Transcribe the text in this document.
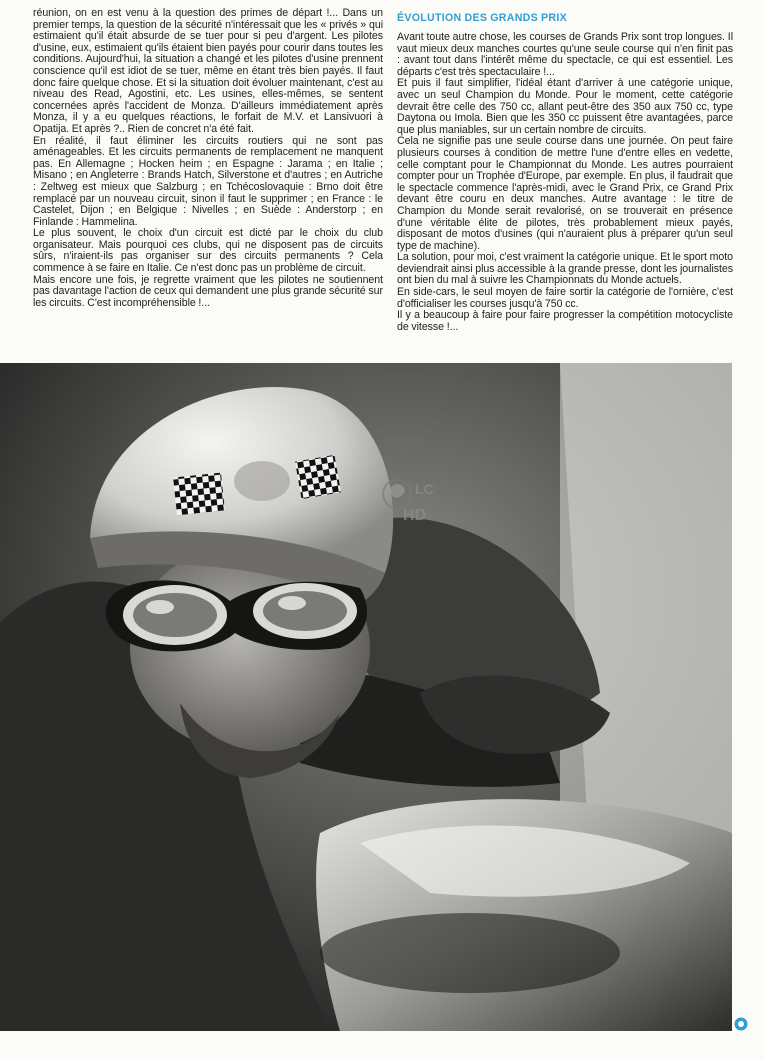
réunion, on en est venu à la question des primes de départ !... Dans un premier temps, la question de la sécurité n'intéressait que les « privés » qui estimaient qu'il était absurde de se tuer pour si peu d'argent. Les pilotes d'usine, eux, estimaient qu'ils étaient bien payés pour courir dans toutes les conditions. Aujourd'hui, la situation a changé et les pilotes d'usine prennent conscience qu'il est idiot de se tuer, même en étant très bien payés. Il faut donc faire quelque chose. Et si la situation doit évoluer maintenant, c'est au niveau des Read, Agostini, etc. Les usines, elles-mêmes, se sentent concernées après l'accident de Monza. D'ailleurs immédiatement après Monza, il y a eu quelques réactions, le forfait de M.V. et Lansivuori à Opatija. Et après ?.. Rien de concret n'a été fait.

En réalité, il faut éliminer les circuits routiers qui ne sont pas aménageables. Et les circuits permanents de remplacement ne manquent pas. En Allemagne ; Hocken heim ; en Espagne : Jarama ; en Italie ; Misano ; en Angleterre : Brands Hatch, Silverstone et d'autres ; en Autriche : Zeltweg est mieux que Salzburg ; en Tchécoslovaquie : Brno doit être remplacé par un nouveau circuit, sinon il faut le supprimer ; en France : le Castelet, Dijon ; en Belgique : Nivelles ; en Suède : Anderstorp ; en Finlande : Hammelina.

Le plus souvent, le choix d'un circuit est dicté par le choix du club organisateur. Mais pourquoi ces clubs, qui ne disposent pas de circuits sûrs, n'iraient-ils pas organiser sur des circuits permanents ? Cela commence à se faire en Italie. Ce n'est donc pas un problème de circuit.

Mais encore une fois, je regrette vraiment que les pilotes ne soutiennent pas davantage l'action de ceux qui demandent une plus grande sécurité sur les circuits. C'est incompréhensible !...

ÉVOLUTION DES GRANDS PRIX

Avant toute autre chose, les courses de Grands Prix sont trop longues. Il vaut mieux deux manches courtes qu'une seule course qui n'en finit pas : avant tout dans l'intérêt même du spectacle, ce qui est essentiel. Les départs c'est très spectaculaire !...

Et puis il faut simplifier, l'idéal étant d'arriver à une catégorie unique, avec un seul Champion du Monde. Pour le moment, cette catégorie devrait être celle des 750 cc, allant peut-être des 350 aux 750 cc, type Daytona ou Imola. Bien que les 350 cc puissent être avantagées, parce que plus maniables, sur un certain nombre de circuits.

Cela ne signifie pas une seule course dans une journée. On peut faire plusieurs courses à condition de mettre l'une d'entre elles en vedette, celle comptant pour le Championnat du Monde. Les autres pourraient compter pour un Trophée d'Europe, par exemple. En plus, il faudrait que le spectacle commence l'après-midi, avec le Grand Prix, ce Grand Prix devant être couru en deux manches. Autre avantage : le titre de Champion du Monde serait revalorisé, on se trouverait en présence d'une véritable élite de pilotes, très probablement mieux payés, disposant de motos d'usines (qui n'auraient plus à préparer qu'un seul type de machine).

La solution, pour moi, c'est vraiment la catégorie unique. Et le sport moto deviendrait ainsi plus accessible à la grande presse, dont les journalistes ont bien du mal à suivre les Championnats du Monde actuels.

En side-cars, le seul moyen de faire sortir la catégorie de l'ornière, c'est d'officialiser les courses jusqu'à 750 cc.

Il y a beaucoup à faire pour faire progresser la compétition motocycliste de vitesse !...

LC
HD
